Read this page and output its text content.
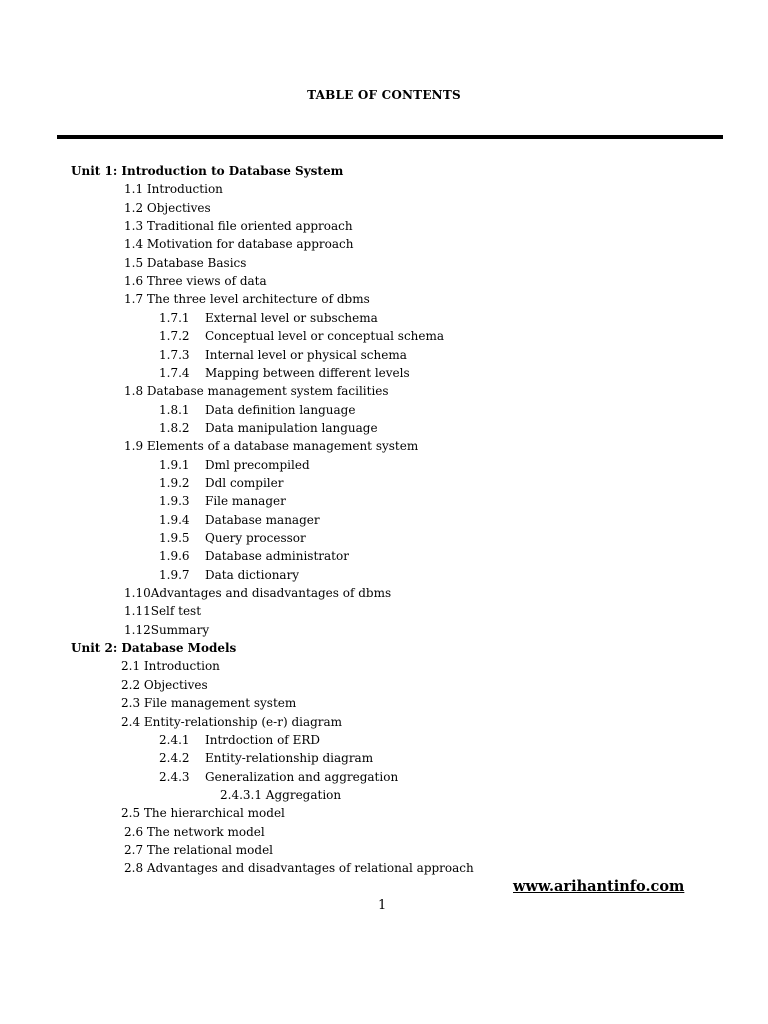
TABLE OF CONTENTS
Unit 1: Introduction to Database System
1.1 Introduction
1.2 Objectives
1.3 Traditional file oriented approach
1.4 Motivation for database approach
1.5 Database Basics
1.6 Three views of data
1.7 The three level architecture of dbms
1.7.1 External level or subschema
1.7.2 Conceptual level or conceptual schema
1.7.3 Internal level or physical schema
1.7.4 Mapping between different levels
1.8 Database management system facilities
1.8.1 Data definition language
1.8.2 Data manipulation language
1.9 Elements of a database management system
1.9.1 Dml precompiled
1.9.2 Ddl compiler
1.9.3 File manager
1.9.4 Database manager
1.9.5 Query processor
1.9.6 Database administrator
1.9.7 Data dictionary
1.10Advantages and disadvantages of dbms
1.11Self test
1.12Summary
Unit 2: Database Models
2.1 Introduction
2.2 Objectives
2.3 File management system
2.4 Entity-relationship (e-r) diagram
2.4.1 Intrdoction of ERD
2.4.2 Entity-relationship diagram
2.4.3 Generalization and aggregation
2.4.3.1 Aggregation
2.5 The hierarchical model
2.6 The network model
2.7 The relational model
2.8 Advantages and disadvantages of relational approach
www.arihantinfo.com
1
